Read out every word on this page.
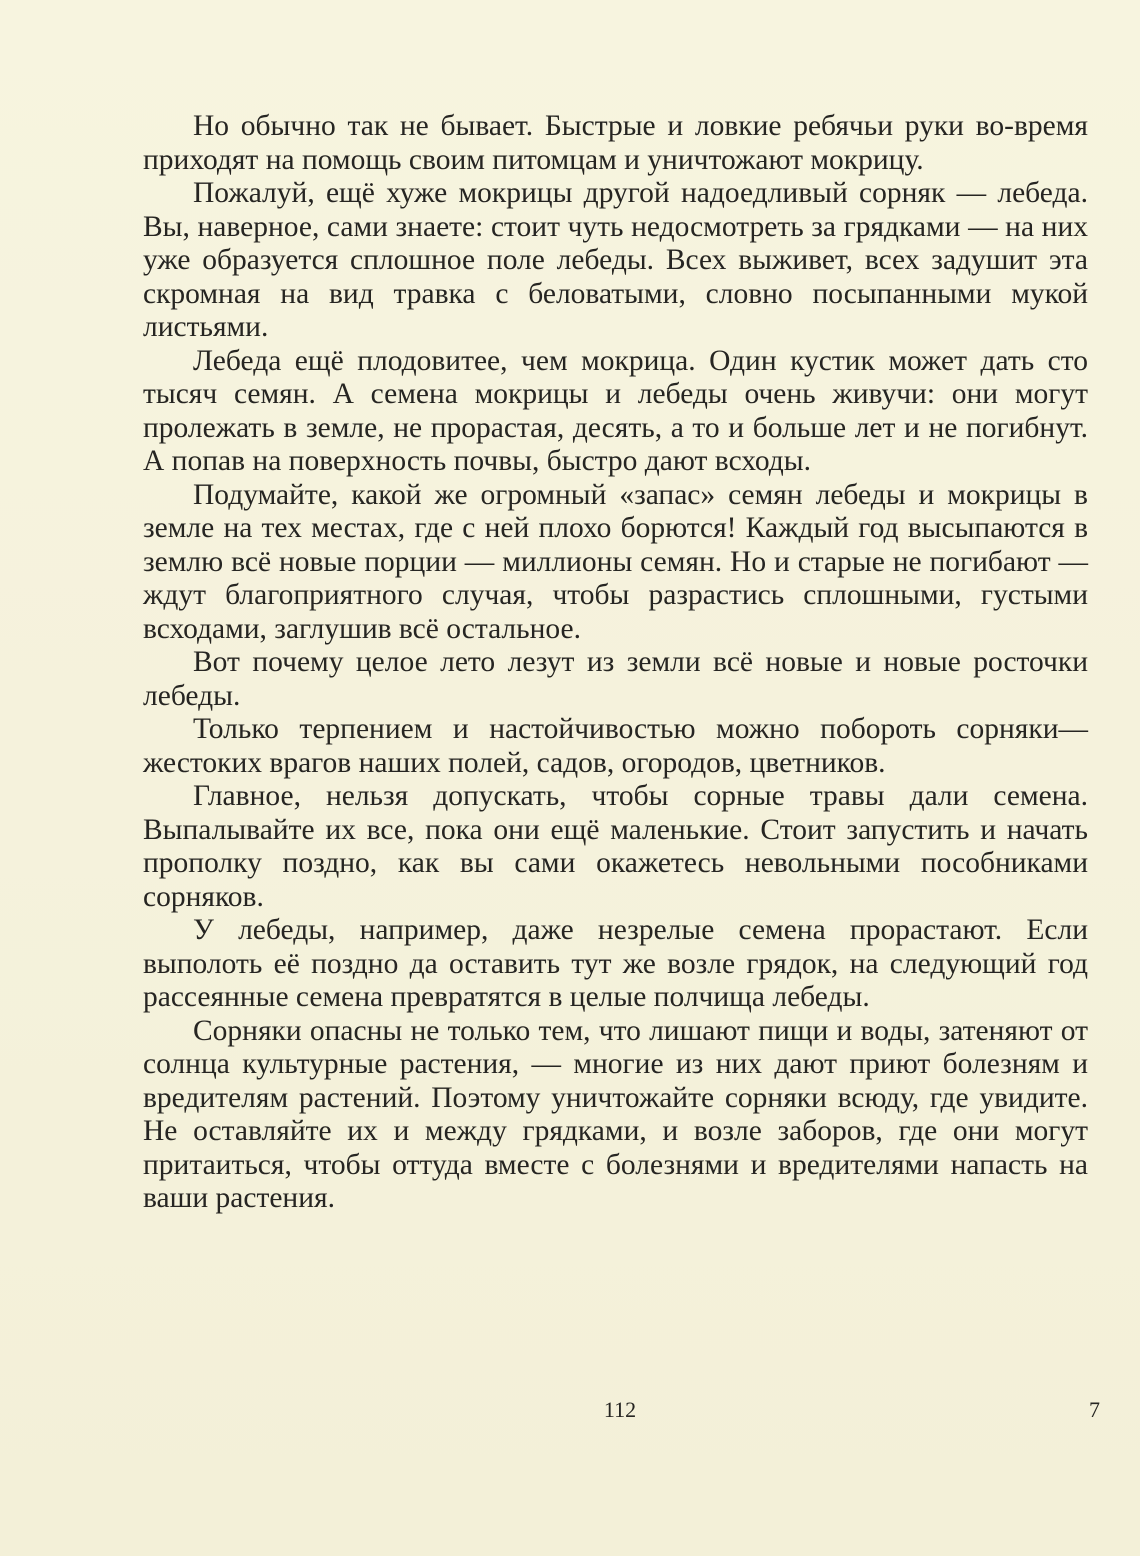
Но обычно так не бывает. Быстрые и ловкие ребячьи руки во-время приходят на помощь своим питомцам и уничтожают мокрицу.

Пожалуй, ещё хуже мокрицы другой надоедливый сорняк — лебеда. Вы, наверное, сами знаете: стоит чуть недосмотреть за грядками — на них уже образуется сплошное поле лебеды. Всех выживет, всех задушит эта скромная на вид травка с беловатыми, словно посыпанными мукой листьями.

Лебеда ещё плодовитее, чем мокрица. Один кустик может дать сто тысяч семян. А семена мокрицы и лебеды очень живучи: они могут пролежать в земле, не прорастая, десять, а то и больше лет и не погибнут. А попав на поверхность почвы, быстро дают всходы.

Подумайте, какой же огромный «запас» семян лебеды и мокрицы в земле на тех местах, где с ней плохо борются! Каждый год высыпаются в землю всё новые порции — миллионы семян. Но и старые не погибают — ждут благоприятного случая, чтобы разрастись сплошными, густыми всходами, заглушив всё остальное.

Вот почему целое лето лезут из земли всё новые и новые росточки лебеды.

Только терпением и настойчивостью можно побороть сорняки—жестоких врагов наших полей, садов, огородов, цветников.

Главное, нельзя допускать, чтобы сорные травы дали семена. Выпалывайте их все, пока они ещё маленькие. Стоит запустить и начать прополку поздно, как вы сами окажетесь невольными пособниками сорняков.

У лебеды, например, даже незрелые семена прорастают. Если выполоть её поздно да оставить тут же возле грядок, на следующий год рассеянные семена превратятся в целые полчища лебеды.

Сорняки опасны не только тем, что лишают пищи и воды, затеняют от солнца культурные растения, — многие из них дают приют болезням и вредителям растений. Поэтому уничтожайте сорняки всюду, где увидите. Не оставляйте их и между грядками, и возле заборов, где они могут притаиться, чтобы оттуда вместе с болезнями и вредителями напасть на ваши растения.

112	7
